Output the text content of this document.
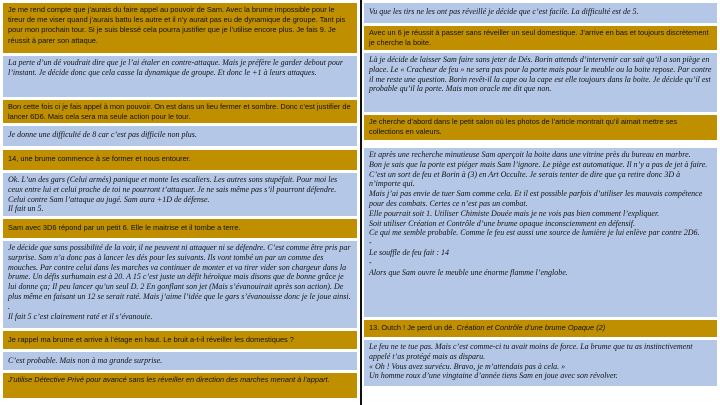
Je me rend compte que j’aurais du faire appel au pouvoir de Sam. Avec la brume impossible pour le tireur de me viser quand j’aurais battu les autre et il n’y aurait pas eu de dynamique de groupe. Tant pis pour mon prochain tour. Si je suis blessé cela pourra justifier que je l’utilise encore plus. Je fais 9. Je réussit à parer son attaque.
La perte d’un dé voudrait dire que je l’ai étaler en contre-attaque. Mais je préfère le garder debout pour l’instant. Je décide donc que cela casse la dynamique de groupe. Et donc le +1 à leurs attaques.
Bon cette fois ci je fais appel à mon pouvoir. On est dans un lieu fermer et sombre. Donc c’est justifier de lancer 6D6. Mais cela sera ma seule action pour le tour.
Je donne une difficulté de 8 car c’est pas difficile non plus.
14, une brume commence à se former et nous entourer.
Ok. L’un des gars (Celui armés) panique et monte les escaliers. Les autres sons stupéfait. Pour moi les ceux entre lui et celui proche de toi ne pourront t’attaquer. Je ne sais même pas s’il pourront défendre. Celui contre Sam l’attaque au jugé. Sam aura +1D de défense.
Il fait un 5.
Sam avec 3D6 répond par un petit 6. Elle le maitrise et il tombe a terre.
Je décide que sans possibilité de la voir, il ne peuvent ni attaquer ni se défendre. C’est comme être pris par surprise. Sam n’a donc pas à lancer les dés pour les suivants. Ils vont tombé un par un comme des mouches. Par contre celui dans les marches va continuer de monter et va tirer vider son chargeur dans la brume. Un défis surhumain est à 20. A 15 c’est juste un défit héroïque mais disons que de bonne grâce je lui donne ça; Il peu lancer qu’un seul D. 2 En gonflant son jet (Mais s’évanouirait après son action). De plus même en faisant un 12 se serait raté. Mais j’aime l’idée que le gars s’évanouisse donc je le joue ainsi. .
Il fait 5 c’est clairement raté et il s’évanouie.
Je rappel ma brume et arrive à l’étage en haut. Le bruit a-t-il réveiller les domestiques ?
C’est probable. Mais non à ma grande surprise.
J’utilise Détective Privé pour avancé sans les réveiller en direction des marches menant à l’appart.
Vu que les tirs ne les ont pas réveillé je décide que c’est facile. La difficulté est de 5.
Avec un 6 je réussit à passer sans réveiller un seul domestique. J’arrive en bas et toujours discrètement je cherche la boite.
Là je décide de laisser Sam faire sans jeter de Dés. Borin attends d’intervenir car sait qu’il a son piège en place. Le « Cracheur de feu » ne sera pas pour la porte mais pour le meuble ou la boite repose. Par contre il me reste une question. Borin revêt-il la cape ou la cape est elle toujours dans la boite. Je décide qu’il est probable qu’il la porte. Mais mon oracle me dit que non.
Je cherche d’abord dans le petit salon où les photos de l’article montrait qu’il aimait mettre ses collections en valeurs.
Et après une recherche minutieuse Sam aperçoit la boite dans une vitrine près du bureau en marbre.
Bon je sais que la porte est piéger mais Sam l’ignore. Le piège est automatique. Il n’y a pas de jet à faire. C’est un sort de feu et Borin à (3) en Art Occulte. Je serais tenter de dire que ça retire donc 3D à n’importe qui.
Mais j’ai pas envie de tuer Sam comme cela. Et il est possible parfois d’utiliser les mauvais compétence pour des combats. Certes ce n’est pas un combat.
Elle pourrait soit 1. Utiliser Chimiste Douée mais je ne vois pas bien comment l’expliquer.
Soit utiliser Création et Contrôle d’une brume opaque inconsciemment en défensif.
Ce qui me semble probable. Comme le feu est aussi une source de lumière je lui enlève par contre 2D6.
-
Le souffle de feu fait : 14
-
Alors que Sam ouvre le meuble une énorme flamme l’englobe.
13. Outch ! Je perd un dé. Création et Contrôle d’une brume Opaque (2)
Le feu ne te tue pas. Mais c’est comme-ci tu avait moins de force. La brume que tu as instinctivement appelé t’as protégé mais as disparu.
« Oh ! Vous avez survécu. Bravo, je m’attendais pas à cela. »
Un homme roux d’une vingtaine d’année tiens Sam en joue avec son révolver.
